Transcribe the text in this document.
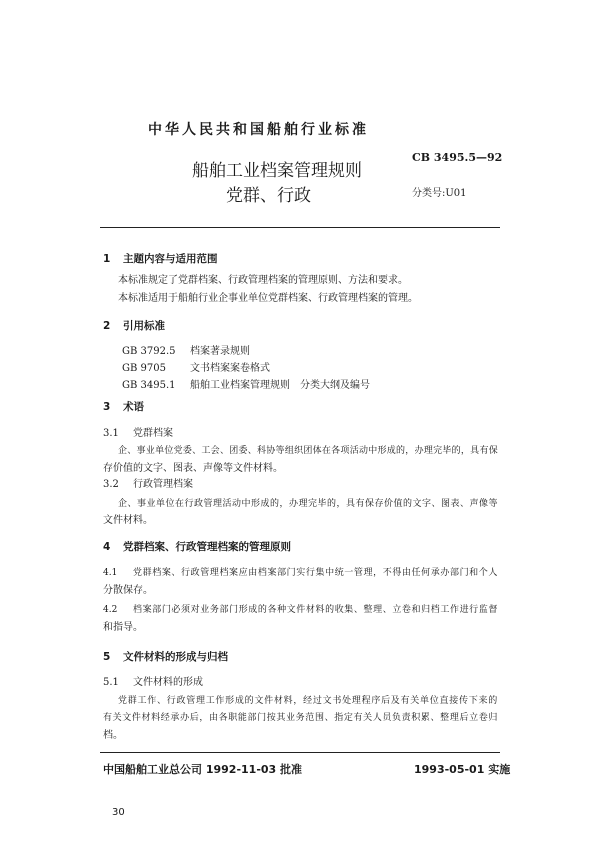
中华人民共和国船舶行业标准
CB 3495.5—92
船舶工业档案管理规则
党群、行政	分类号:U01
1 主题内容与适用范围
本标准规定了党群档案、行政管理档案的管理原则、方法和要求。
本标准适用于船舶行业企事业单位党群档案、行政管理档案的管理。
2 引用标准
GB 3792.5 档案著录规则
GB 9705 文书档案案卷格式
GB 3495.1 船舶工业档案管理规则　分类大纲及编号
3 术语
3.1 党群档案
企、事业单位党委、工会、团委、科协等组织团体在各项活动中形成的，办理完毕的，具有保
存价值的文字、图表、声像等文件材料。
3.2 行政管理档案
企、事业单位在行政管理活动中形成的，办理完毕的，具有保存价值的文字、图表、声像等
文件材料。
4 党群档案、行政管理档案的管理原则
4.1 党群档案、行政管理档案应由档案部门实行集中统一管理，不得由任何承办部门和个人
分散保存。
4.2 档案部门必须对业务部门形成的各种文件材料的收集、整理、立卷和归档工作进行监督
和指导。
5 文件材料的形成与归档
5.1 文件材料的形成
党群工作、行政管理工作形成的文件材料，经过文书处理程序后及有关单位直接传下来的
有关文件材料经承办后，由各职能部门按其业务范围、指定有关人员负责积累、整理后立卷归
档。
中国船舶工业总公司 1992-11-03 批准	1993-05-01 实施
30
